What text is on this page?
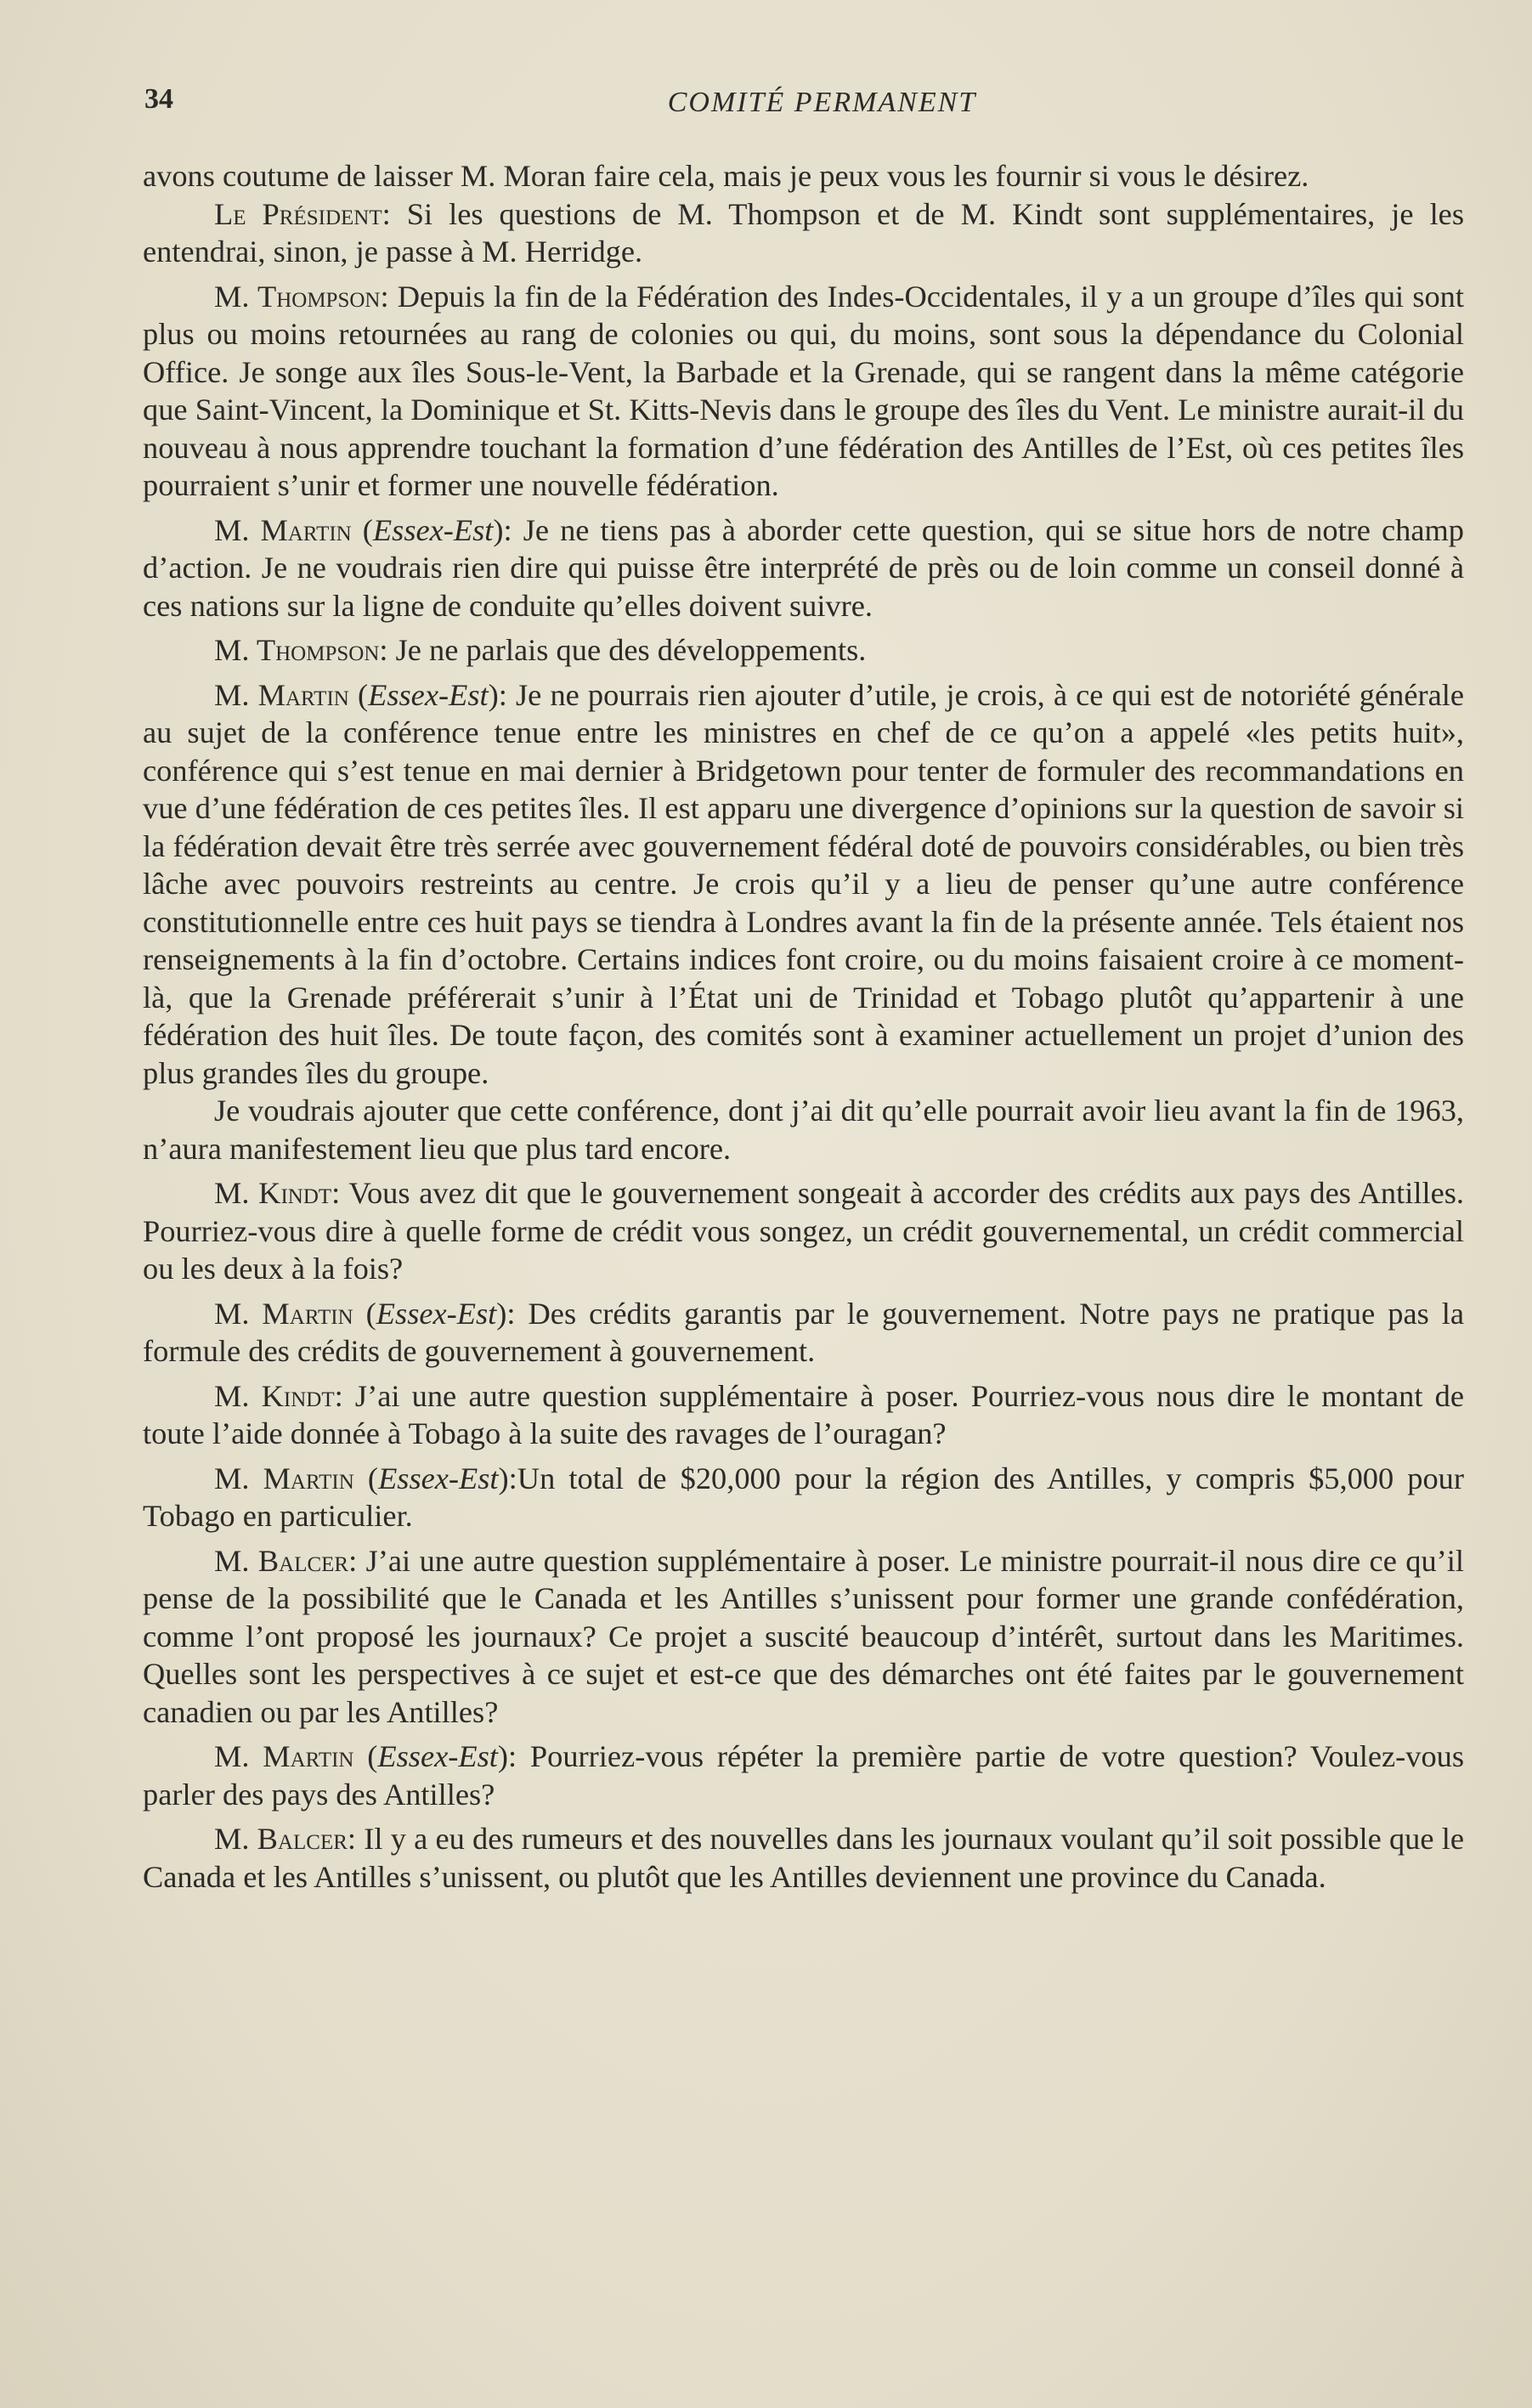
34	COMITÉ PERMANENT

avons coutume de laisser M. Moran faire cela, mais je peux vous les fournir si vous le désirez.

Le Président: Si les questions de M. Thompson et de M. Kindt sont supplémentaires, je les entendrai, sinon, je passe à M. Herridge.

M. Thompson: Depuis la fin de la Fédération des Indes-Occidentales, il y a un groupe d’îles qui sont plus ou moins retournées au rang de colonies ou qui, du moins, sont sous la dépendance du Colonial Office. Je songe aux îles Sous-le-Vent, la Barbade et la Grenade, qui se rangent dans la même catégorie que Saint-Vincent, la Dominique et St. Kitts-Nevis dans le groupe des îles du Vent. Le ministre aurait-il du nouveau à nous apprendre touchant la formation d’une fédération des Antilles de l’Est, où ces petites îles pourraient s’unir et former une nouvelle fédération.

M. Martin (Essex-Est): Je ne tiens pas à aborder cette question, qui se situe hors de notre champ d’action. Je ne voudrais rien dire qui puisse être interprété de près ou de loin comme un conseil donné à ces nations sur la ligne de conduite qu’elles doivent suivre.

M. Thompson: Je ne parlais que des développements.

M. Martin (Essex-Est): Je ne pourrais rien ajouter d’utile, je crois, à ce qui est de notoriété générale au sujet de la conférence tenue entre les ministres en chef de ce qu’on a appelé «les petits huit», conférence qui s’est tenue en mai dernier à Bridgetown pour tenter de formuler des recommandations en vue d’une fédération de ces petites îles. Il est apparu une divergence d’opinions sur la question de savoir si la fédération devait être très serrée avec gouvernement fédéral doté de pouvoirs considérables, ou bien très lâche avec pouvoirs restreints au centre. Je crois qu’il y a lieu de penser qu’une autre conférence constitutionnelle entre ces huit pays se tiendra à Londres avant la fin de la présente année. Tels étaient nos renseignements à la fin d’octobre. Certains indices font croire, ou du moins faisaient croire à ce moment-là, que la Grenade préférerait s’unir à l’État uni de Trinidad et Tobago plutôt qu’appartenir à une fédération des huit îles. De toute façon, des comités sont à examiner actuellement un projet d’union des plus grandes îles du groupe.

Je voudrais ajouter que cette conférence, dont j’ai dit qu’elle pourrait avoir lieu avant la fin de 1963, n’aura manifestement lieu que plus tard encore.

M. Kindt: Vous avez dit que le gouvernement songeait à accorder des crédits aux pays des Antilles. Pourriez-vous dire à quelle forme de crédit vous songez, un crédit gouvernemental, un crédit commercial ou les deux à la fois?

M. Martin (Essex-Est): Des crédits garantis par le gouvernement. Notre pays ne pratique pas la formule des crédits de gouvernement à gouvernement.

M. Kindt: J’ai une autre question supplémentaire à poser. Pourriez-vous nous dire le montant de toute l’aide donnée à Tobago à la suite des ravages de l’ouragan?

M. Martin (Essex-Est):Un total de $20,000 pour la région des Antilles, y compris $5,000 pour Tobago en particulier.

M. Balcer: J’ai une autre question supplémentaire à poser. Le ministre pourrait-il nous dire ce qu’il pense de la possibilité que le Canada et les Antilles s’unissent pour former une grande confédération, comme l’ont proposé les journaux? Ce projet a suscité beaucoup d’intérêt, surtout dans les Maritimes. Quelles sont les perspectives à ce sujet et est-ce que des démarches ont été faites par le gouvernement canadien ou par les Antilles?

M. Martin (Essex-Est): Pourriez-vous répéter la première partie de votre question? Voulez-vous parler des pays des Antilles?

M. Balcer: Il y a eu des rumeurs et des nouvelles dans les journaux voulant qu’il soit possible que le Canada et les Antilles s’unissent, ou plutôt que les Antilles deviennent une province du Canada.
